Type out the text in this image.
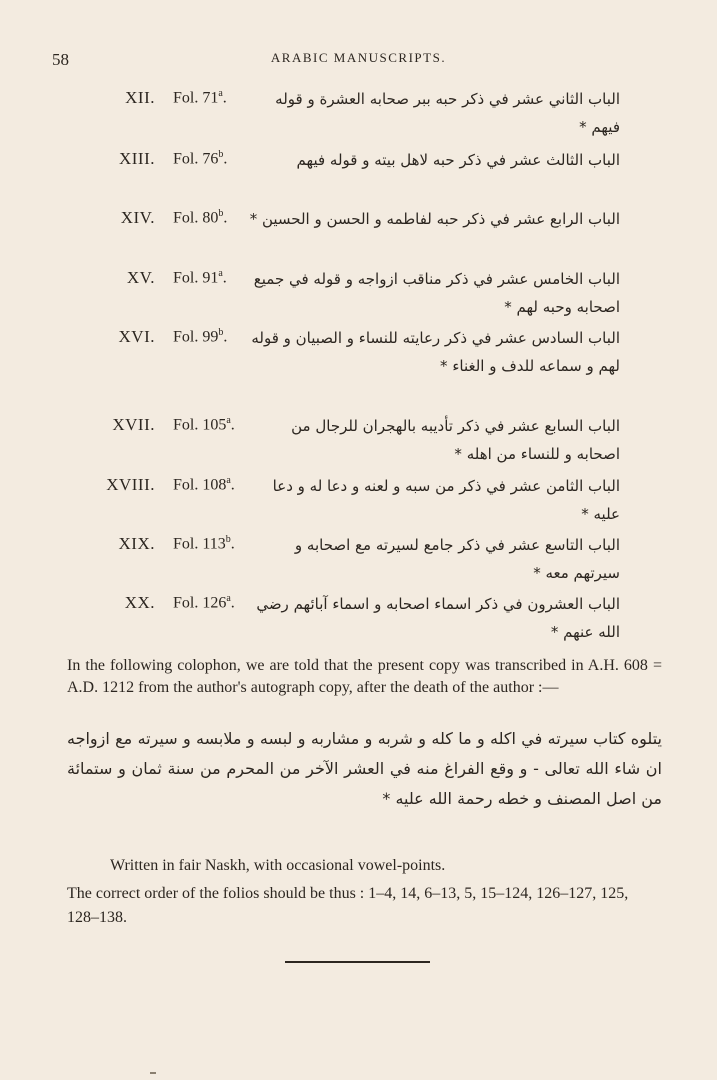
58	ARABIC MANUSCRIPTS.
XII. Fol. 71$^a$.	الباب الثاني عشر في ذكر حبه ببر صحابه العشرة و قوله فيهم *
XIII. Fol. 76$^b$.	الباب الثالث عشر في ذكر حبه لاهل بيته و قوله فيهم
XIV. Fol. 80$^b$.	الباب الرابع عشر في ذكر حبه لفاطمه و الحسن و الحسين *
XV. Fol. 91$^a$.	الباب الخامس عشر في ذكر مناقب ازواجه و قوله في جميع اصحابه وحبه لهم *
XVI. Fol. 99$^b$.	الباب السادس عشر في ذكر رعايته للنساء و الصبيان و قوله لهم و سماعه للدف و الغناء *
XVII. Fol. 105$^a$.	الباب السابع عشر في ذكر تأديبه بالهجران للرجال من اصحابه و للنساء من اهله *
XVIII. Fol. 108$^a$.	الباب الثامن عشر في ذكر من سبه و لعنه و دعا له و دعا عليه *
XIX. Fol. 113$^b$.	الباب التاسع عشر في ذكر جامع لسيرته مع اصحابه و سيرتهم معه *
XX. Fol. 126$^a$.	الباب العشرون في ذكر اسماء اصحابه و اسماء آبائهم رضي الله عنهم *
In the following colophon, we are told that the present copy was transcribed in A.H. 608 = A.D. 1212 from the author's autograph copy, after the death of the author :—
يتلوه كتاب سيرته في اكله و ما كله و شربه و مشاربه و لبسه و ملابسه و سيرته مع ازواجه ان شاء الله تعالى - و وقع الفراغ منه في العشر الآخر من المحرم من سنة ثمان و ستمائة من اصل المصنف و خطه رحمة الله عليه *
Written in fair Naskh, with occasional vowel-points.
The correct order of the folios should be thus : 1–4, 14, 6–13, 5, 15–124, 126–127, 125, 128–138.
